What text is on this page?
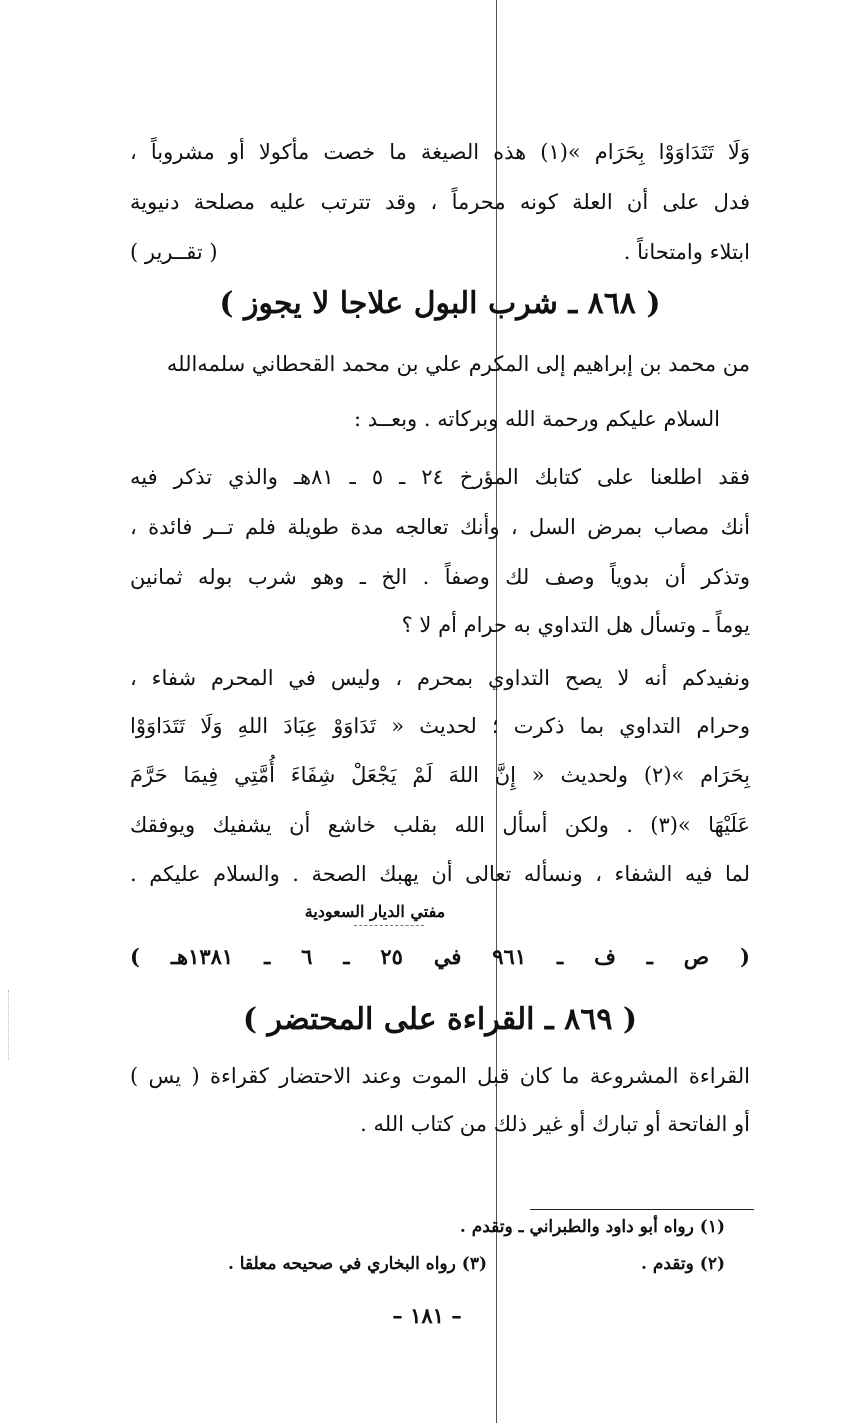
وَلَا تَتَدَاوَوْا بِحَرَام »(١) هذه الصيغة ما خصت مأكولا أو مشروباً ،
فدل على أن العلة كونه محرماً ، وقد تترتب عليه مصلحة دنيوية
ابتلاء وامتحاناً .
( تقــرير )
( ٨٦٨ ـ شرب البول علاجا لا يجوز )
من محمد بن إبراهيم إلى المكرم علي بن محمد القحطاني سلمه‌الله
السلام عليكم ورحمة الله وبركاته . وبعــد :
فقد اطلعنا على كتابك المؤرخ ٢٤ ـ ٥ ـ ٨١هـ والذي تذكر فيه
أنك مصاب بمرض السل ، وأنك تعالجه مدة طويلة فلم تــر فائدة ،
وتذكر أن بدوياً وصف لك وصفاً . الخ ـ وهو شرب بوله ثمانين
يوماً ـ وتسأل هل التداوي به حرام أم لا ؟
ونفيدكم أنه لا يصح التداوي بمحرم ، وليس في المحرم شفاء ،
وحرام التداوي بما ذكرت ؛ لحديث « تَدَاوَوْ عِبَادَ اللهِ وَلَا تَتَدَاوَوْا
بِحَرَام »(٢) ولحديث « إِنَّ اللهَ لَمْ يَجْعَلْ شِفَاءَ أُمَّتِي فِيمَا حَرَّمَ
عَلَيْهَا »(٣) . ولكن أسأل الله بقلب خاشع أن يشفيك ويوفقك
لما فيه الشفاء ، ونسأله تعالى أن يهبك الصحة . والسلام عليكم .
مفتي الديار السعودية
( ص ـ ف ـ ٩٦١ في ٢٥ ـ ٦ ـ ١٣٨١هـ )
( ٨٦٩ ـ القراءة على المحتضر )
القراءة المشروعة ما كان قبل الموت وعند الاحتضار كقراءة ( يس )
أو الفاتحة أو تبارك أو غير ذلك من كتاب الله .
(١) رواه أبو داود والطبراني ـ وتقدم .
(٢) وتقدم .
(٣) رواه البخاري في صحيحه معلقا .
– ١٨١ –
